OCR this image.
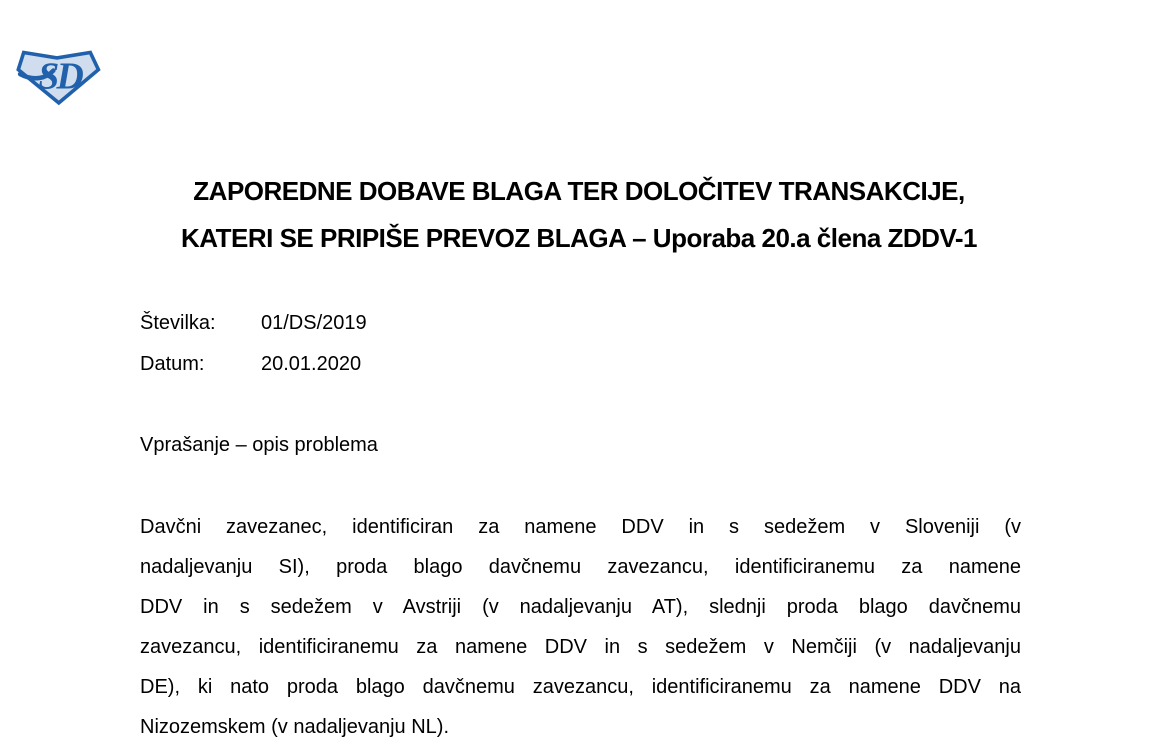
SD
ZAPOREDNE DOBAVE BLAGA TER DOLOČITEV TRANSAKCIJE,
KATERI SE PRIPIŠE PREVOZ BLAGA – Uporaba 20.a člena ZDDV-1
Številka: 01/DS/2019
Datum:	20.01.2020
Vprašanje – opis problema
Davčni zavezanec, identificiran za namene DDV in s sedežem v Sloveniji (v
nadaljevanju SI), proda blago davčnemu zavezancu, identificiranemu za namene
DDV in s sedežem v Avstriji (v nadaljevanju AT), slednji proda blago davčnemu
zavezancu, identificiranemu za namene DDV in s sedežem v Nemčiji (v nadaljevanju
DE), ki nato proda blago davčnemu zavezancu, identificiranemu za namene DDV na
Nizozemskem (v nadaljevanju NL).
